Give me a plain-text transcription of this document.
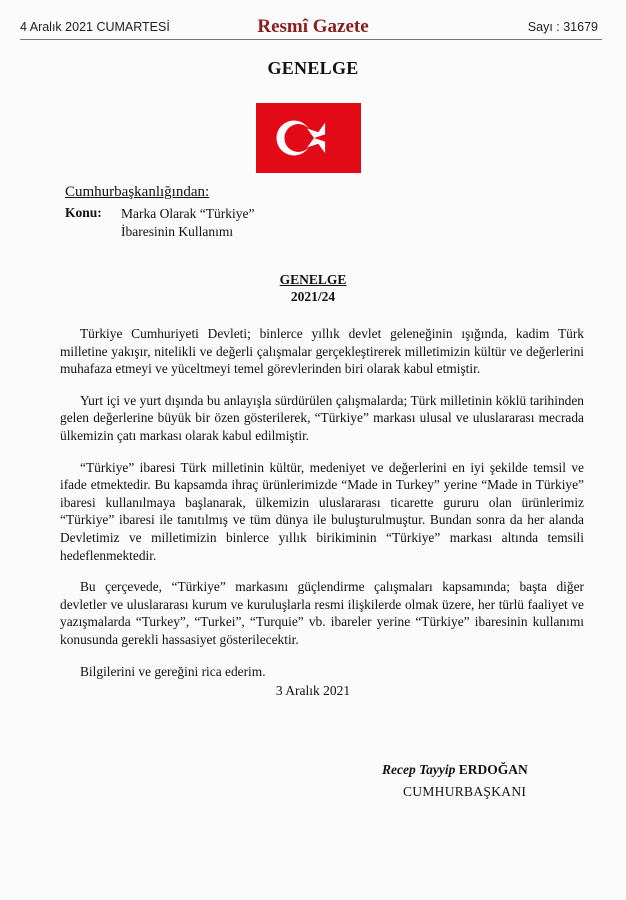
4 Aralık 2021 CUMARTESİ	Resmî Gazete	Sayı : 31679
GENELGE
Cumhurbaşkanlığından:
Konu: Marka Olarak “Türkiye”
İbaresinin Kullanımı
GENELGE
2021/24

Türkiye Cumhuriyeti Devleti; binlerce yıllık devlet geleneğinin ışığında, kadim Türk milletine yakışır, nitelikli ve değerli çalışmalar gerçekleştirerek milletimizin kültür ve değerlerini muhafaza etmeyi ve yüceltmeyi temel görevlerinden biri olarak kabul etmiştir.

Yurt içi ve yurt dışında bu anlayışla sürdürülen çalışmalarda; Türk milletinin köklü tarihinden gelen değerlerine büyük bir özen gösterilerek, “Türkiye” markası ulusal ve uluslararası mecrada ülkemizin çatı markası olarak kabul edilmiştir.

“Türkiye” ibaresi Türk milletinin kültür, medeniyet ve değerlerini en iyi şekilde temsil ve ifade etmektedir. Bu kapsamda ihraç ürünlerimizde “Made in Turkey” yerine “Made in Türkiye” ibaresi kullanılmaya başlanarak, ülkemizin uluslararası ticarette gururu olan ürünlerimiz “Türkiye” ibaresi ile tanıtılmış ve tüm dünya ile buluşturulmuştur. Bundan sonra da her alanda Devletimiz ve milletimizin binlerce yıllık birikiminin “Türkiye” markası altında temsili hedeflenmektedir.

Bu çerçevede, “Türkiye” markasını güçlendirme çalışmaları kapsamında; başta diğer devletler ve uluslararası kurum ve kuruluşlarla resmi ilişkilerde olmak üzere, her türlü faaliyet ve yazışmalarda “Turkey”, “Turkei”, “Turquie” vb. ibareler yerine “Türkiye” ibaresinin kullanımı konusunda gerekli hassasiyet gösterilecektir.

Bilgilerini ve gereğini rica ederim.

3 Aralık 2021
Recep Tayyip ERDOĞAN
CUMHURBAŞKANI
